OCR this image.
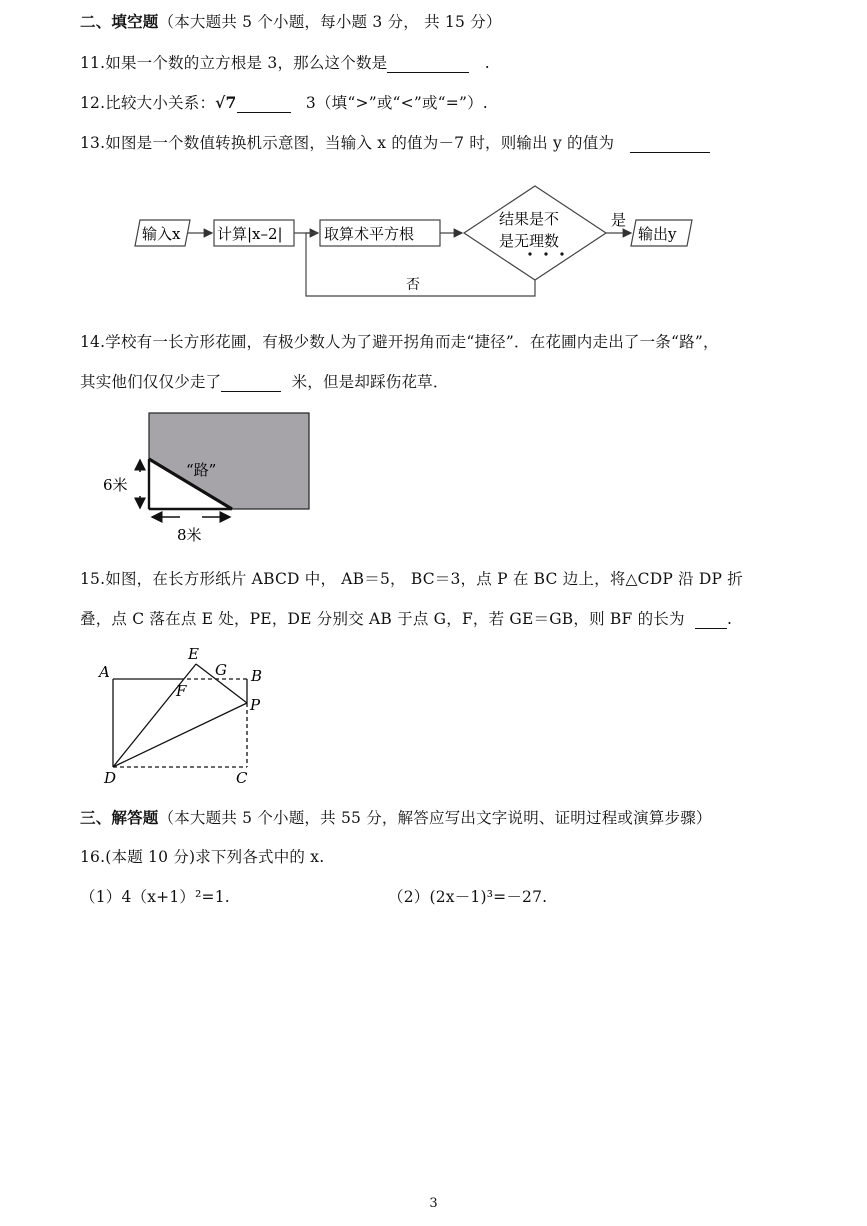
二、填空题（本大题共 5 个小题，每小题 3 分， 共 15 分）
11.如果一个数的立方根是 3，那么这个数是	.
12.比较大小关系：√7	3（填“>”或“<”或“=”）.
13.如图是一个数值转换机示意图，当输入 x 的值为－7 时，则输出 y 的值为
输入x 计算|x–2|	取算术平方根
结果是不
是无理数
是
输出y
否
14.学校有一长方形花圃，有极少数人为了避开拐角而走“捷径”．在花圃内走出了一条“路”，
其实他们仅仅少走了	米，但是却踩伤花草．
“路”
6米
8米
15.如图，在长方形纸片 ABCD 中， AB＝5， BC＝3，点 P 在 BC 边上，将△CDP 沿 DP 折
叠，点 C 落在点 E 处，PE，DE 分别交 AB 于点 G，F，若 GE＝GB，则 BF 的长为	.
A	B
C
D
E
F
G
P
三、解答题（本大题共 5 个小题，共 55 分，解答应写出文字说明、证明过程或演算步骤）
16.(本题 10 分)求下列各式中的 x.
（1）4（x+1）²=1.	（2）(2x－1)³=－27.
3
